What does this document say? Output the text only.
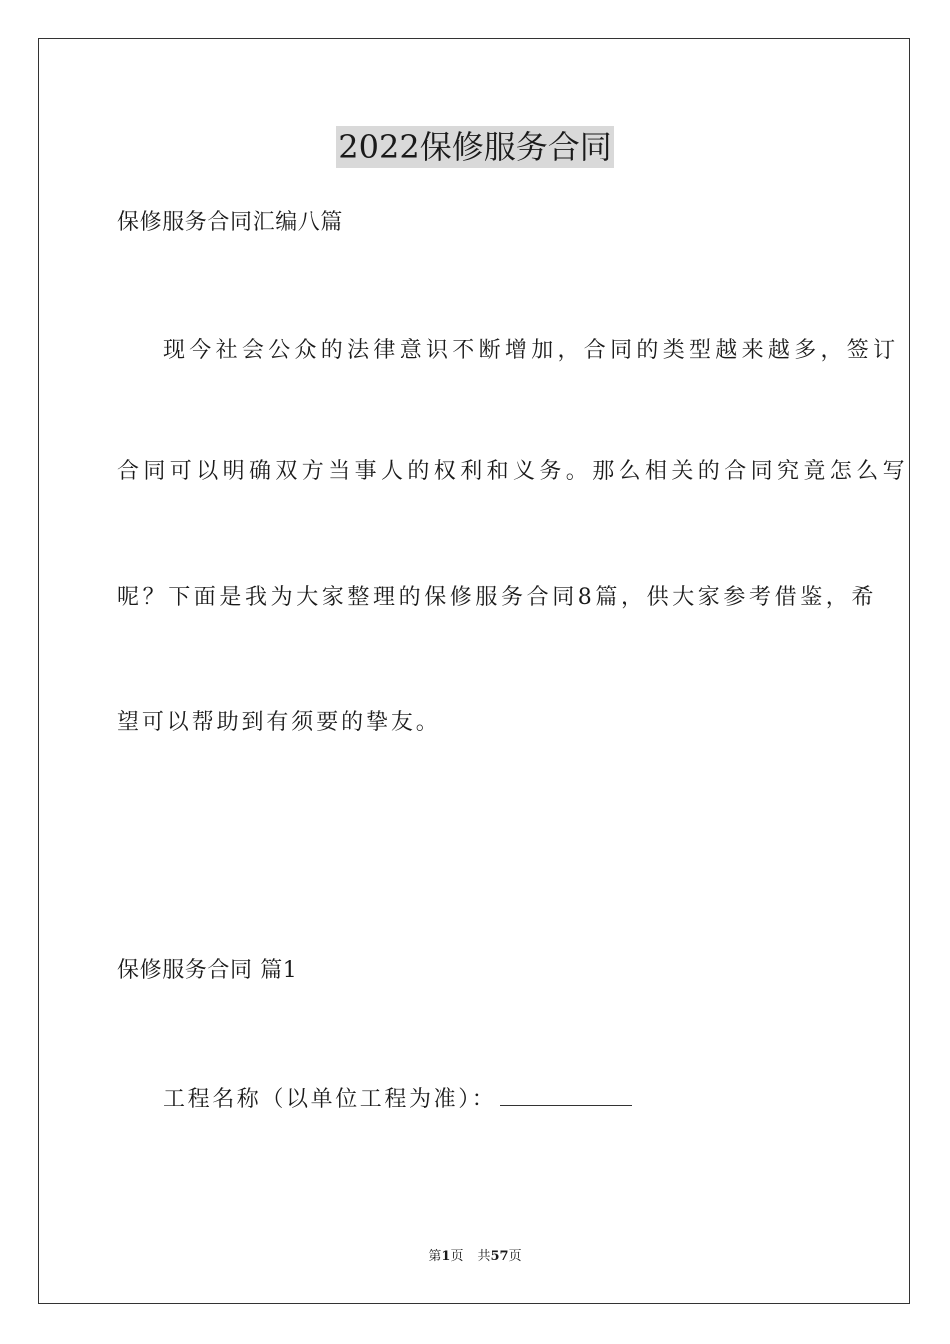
2022保修服务合同
保修服务合同汇编八篇
现今社会公众的法律意识不断增加，合同的类型越来越多，签订
合同可以明确双方当事人的权利和义务。那么相关的合同究竟怎么写
呢？下面是我为大家整理的保修服务合同8篇，供大家参考借鉴，希
望可以帮助到有须要的挚友。
保修服务合同 篇1
工程名称（以单位工程为准）：
第1页 共57页
